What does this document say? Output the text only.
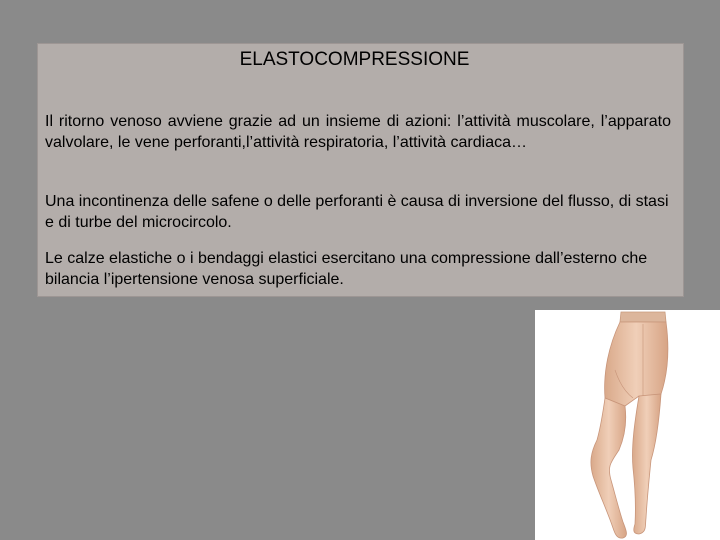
ELASTOCOMPRESSIONE

Il ritorno venoso avviene grazie ad un insieme di azioni: l’attività muscolare, l’apparato valvolare, le vene perforanti,l’attività respiratoria, l’attività cardiaca…

Una incontinenza delle safene o delle perforanti è causa di inversione del flusso, di stasi e di turbe del microcircolo.

Le calze elastiche o i bendaggi elastici esercitano una compressione dall’esterno che bilancia l’ipertensione venosa superficiale.
